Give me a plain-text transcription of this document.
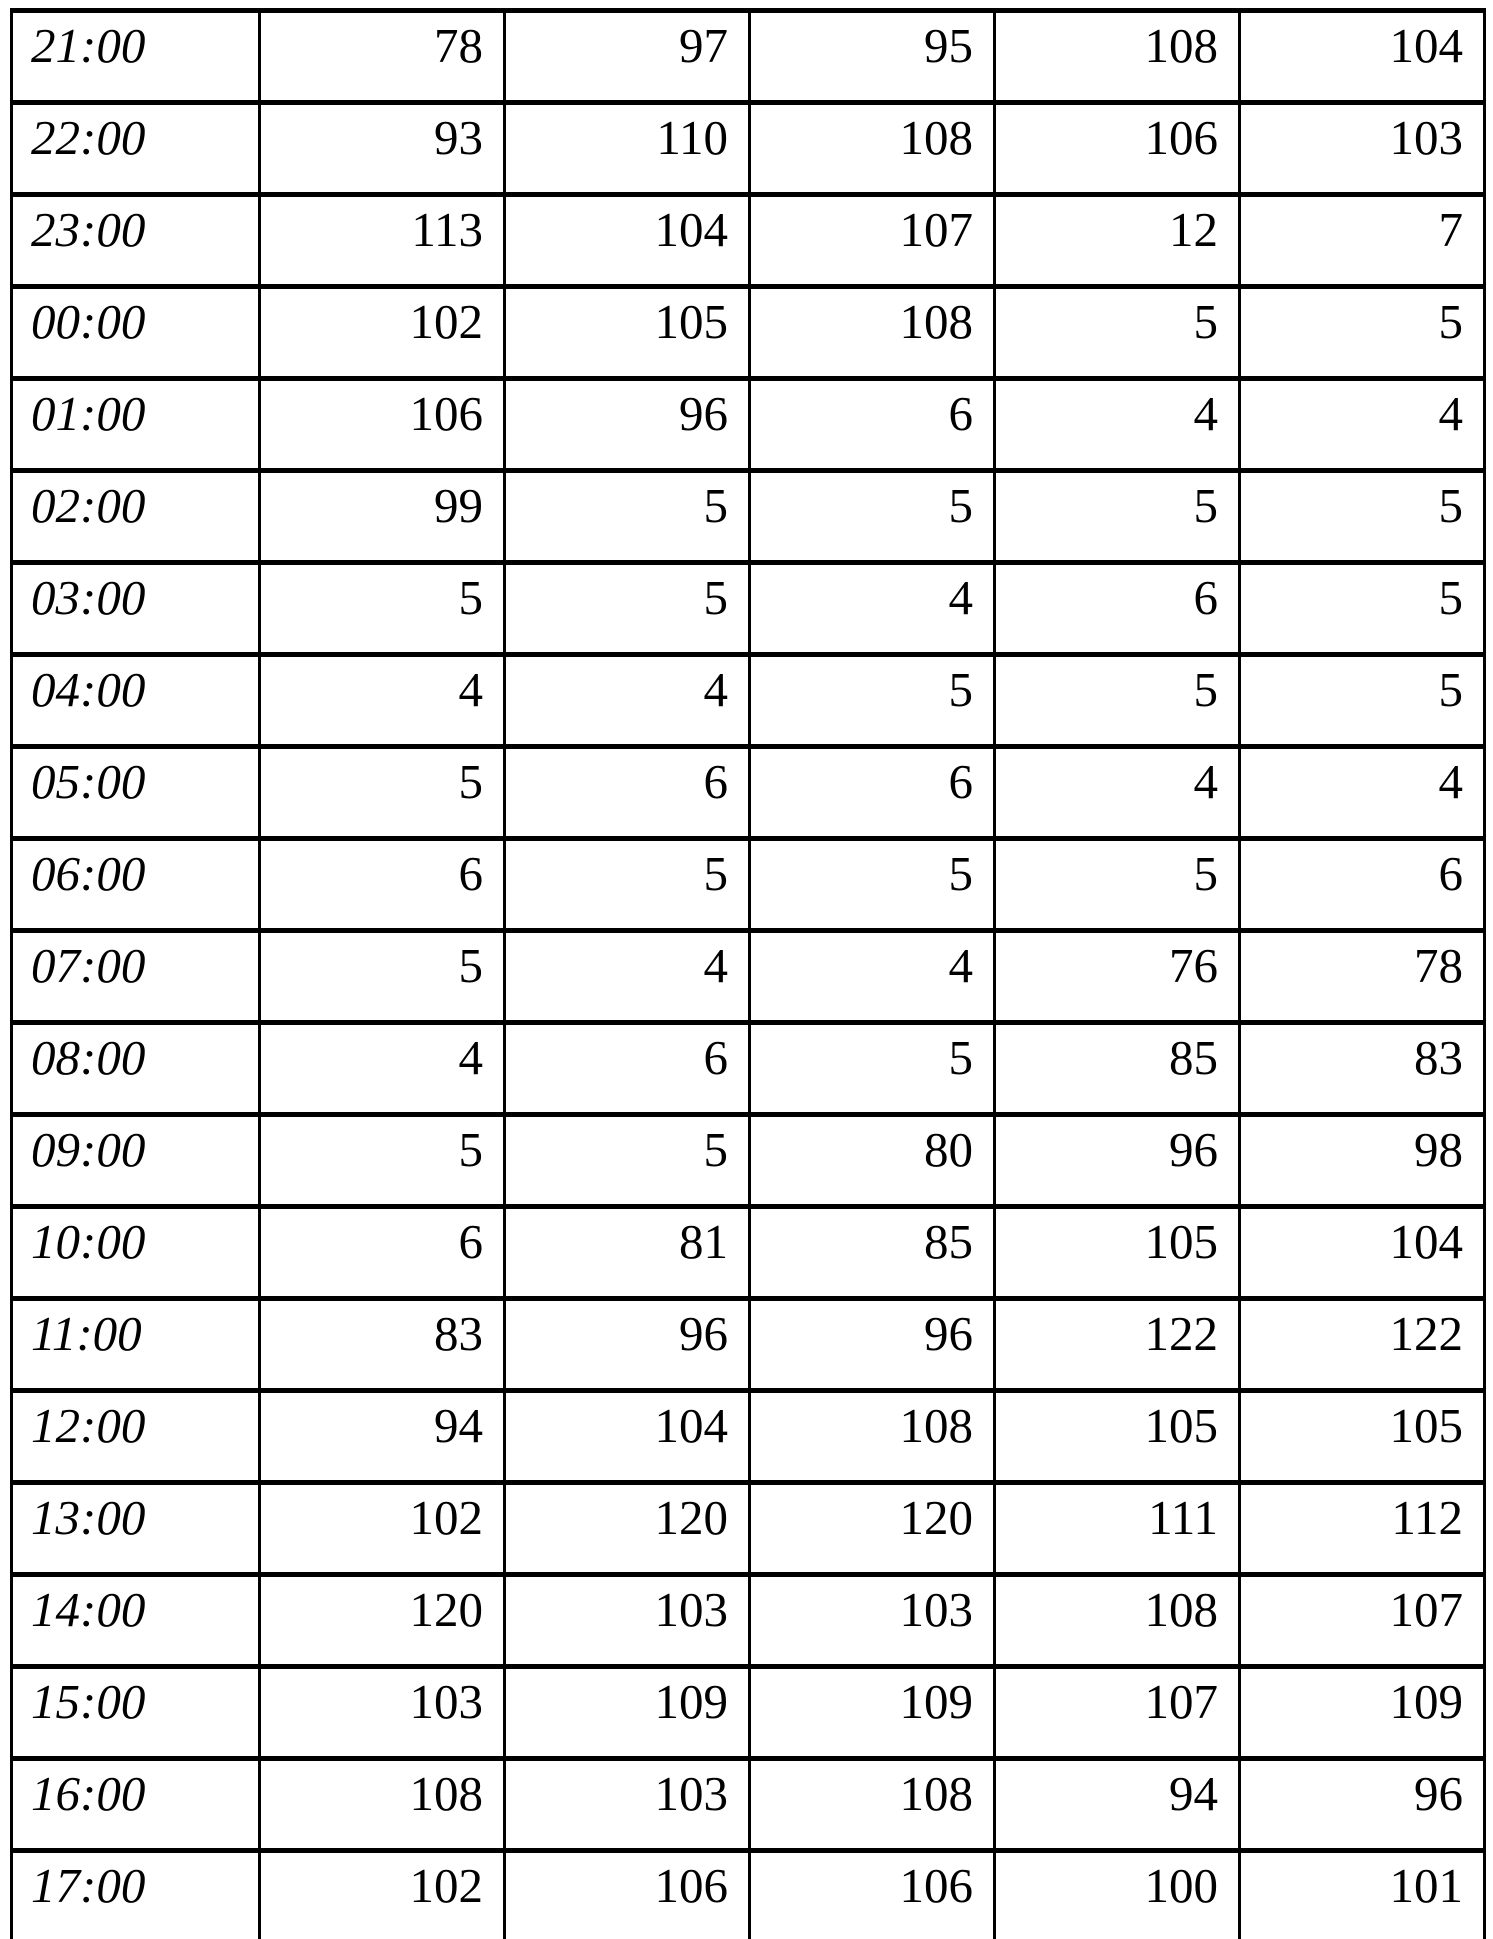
21:00	78	97	95	108	104
22:00	93	110	108	106	103
23:00	113	104	107	12	7
00:00	102	105	108	5	5
01:00	106	96	6	4	4
02:00	99	5	5	5	5
03:00	5	5	4	6	5
04:00	4	4	5	5	5
05:00	5	6	6	4	4
06:00	6	5	5	5	6
07:00	5	4	4	76	78
08:00	4	6	5	85	83
09:00	5	5	80	96	98
10:00	6	81	85	105	104
11:00	83	96	96	122	122
12:00	94	104	108	105	105
13:00	102	120	120	111	112
14:00	120	103	103	108	107
15:00	103	109	109	107	109
16:00	108	103	108	94	96
17:00	102	106	106	100	101
